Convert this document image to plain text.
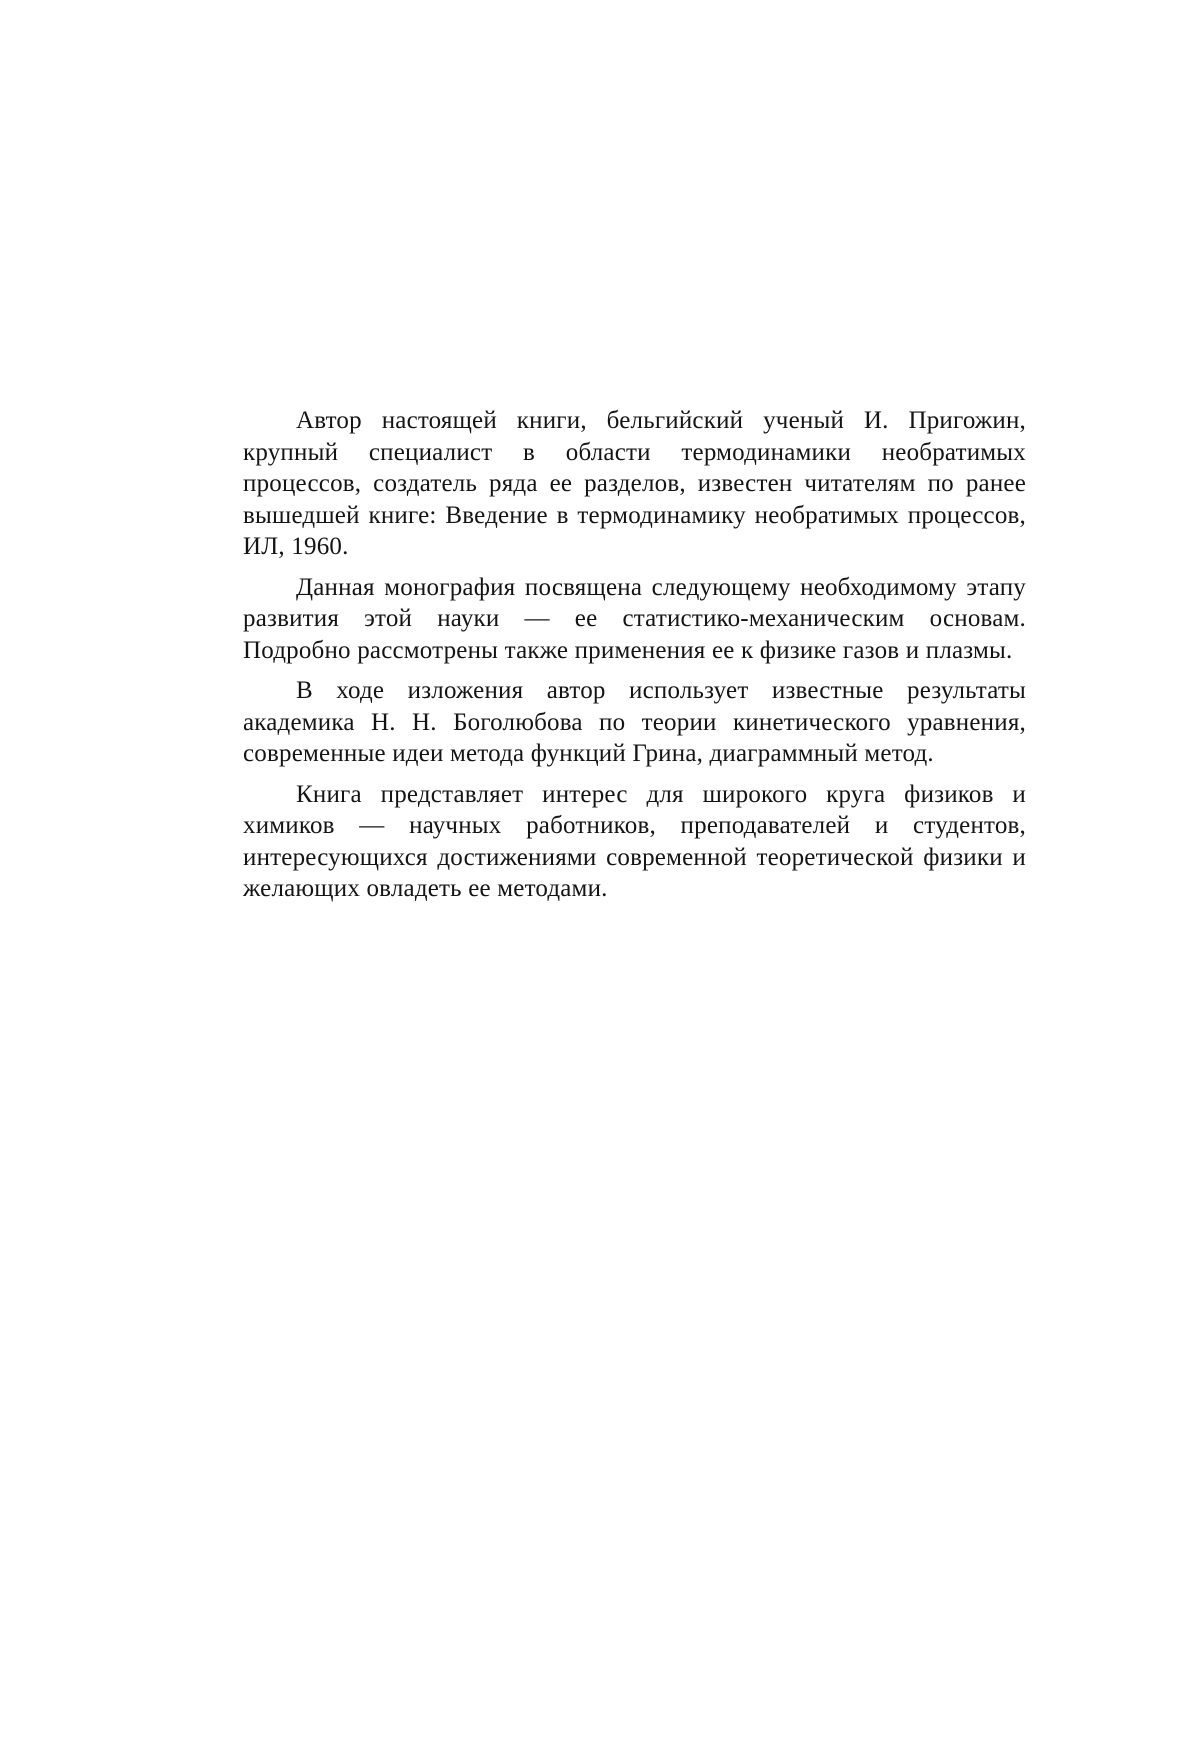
Автор настоящей книги, бельгийский ученый И. Пригожин, крупный специалист в области термодинамики необратимых процессов, создатель ряда ее разделов, известен читателям по ранее вышедшей книге: Введение в термодинамику необратимых процессов, ИЛ, 1960.

Данная монография посвящена следующему необходимому этапу развития этой науки — ее статистико-механическим основам. Подробно рассмотрены также применения ее к физике газов и плазмы.

В ходе изложения автор использует известные результаты академика Н. Н. Боголюбова по теории кинетического уравнения, современные идеи метода функций Грина, диаграммный метод.

Книга представляет интерес для широкого круга физиков и химиков — научных работников, преподавателей и студентов, интересующихся достижениями современной теоретической физики и желающих овладеть ее методами.
